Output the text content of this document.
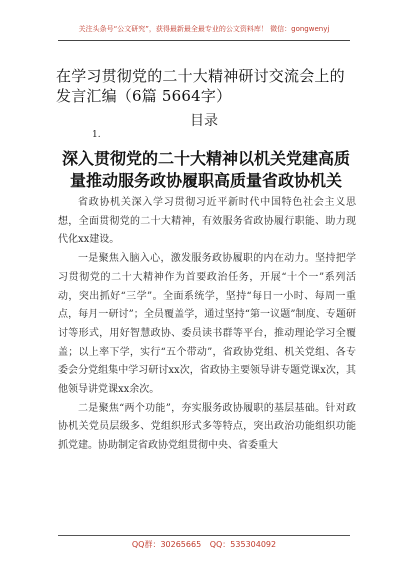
关注头条号“公文研究”，获得最新最全最专业的公文资料库！ 微信：gongwenyj
在学习贯彻党的二十大精神研讨交流会上的发言汇编（6篇 5664字）
目录
1.
深入贯彻党的二十大精神以机关党建高质量推动服务政协履职高质量省政协机关

省政协机关深入学习贯彻习近平新时代中国特色社会主义思想，全面贯彻党的二十大精神，有效服务省政协履行职能、助力现代化xx建设。

一是聚焦入脑入心，激发服务政协履职的内在动力。坚持把学习贯彻党的二十大精神作为首要政治任务，开展“十个一”系列活动，突出抓好“三学”。全面系统学，坚持“每日一小时、每周一重点，每月一研讨”；全员覆盖学，通过坚持“第一议题”制度、专题研讨等形式，用好智慧政协、委员读书群等平台，推动理论学习全覆盖；以上率下学，实行“五个带动”，省政协党组、机关党组、各专委会分党组集中学习研讨xx次，省政协主要领导讲专题党课x次，其他领导讲党课xx余次。

二是聚焦“两个功能”，夯实服务政协履职的基层基础。针对政协机关党员层级多、党组织形式多等特点，突出政治功能组织功能抓党建。协助制定省政协党组贯彻中央、省委重大

QQ群：30265665 QQ：535304092
